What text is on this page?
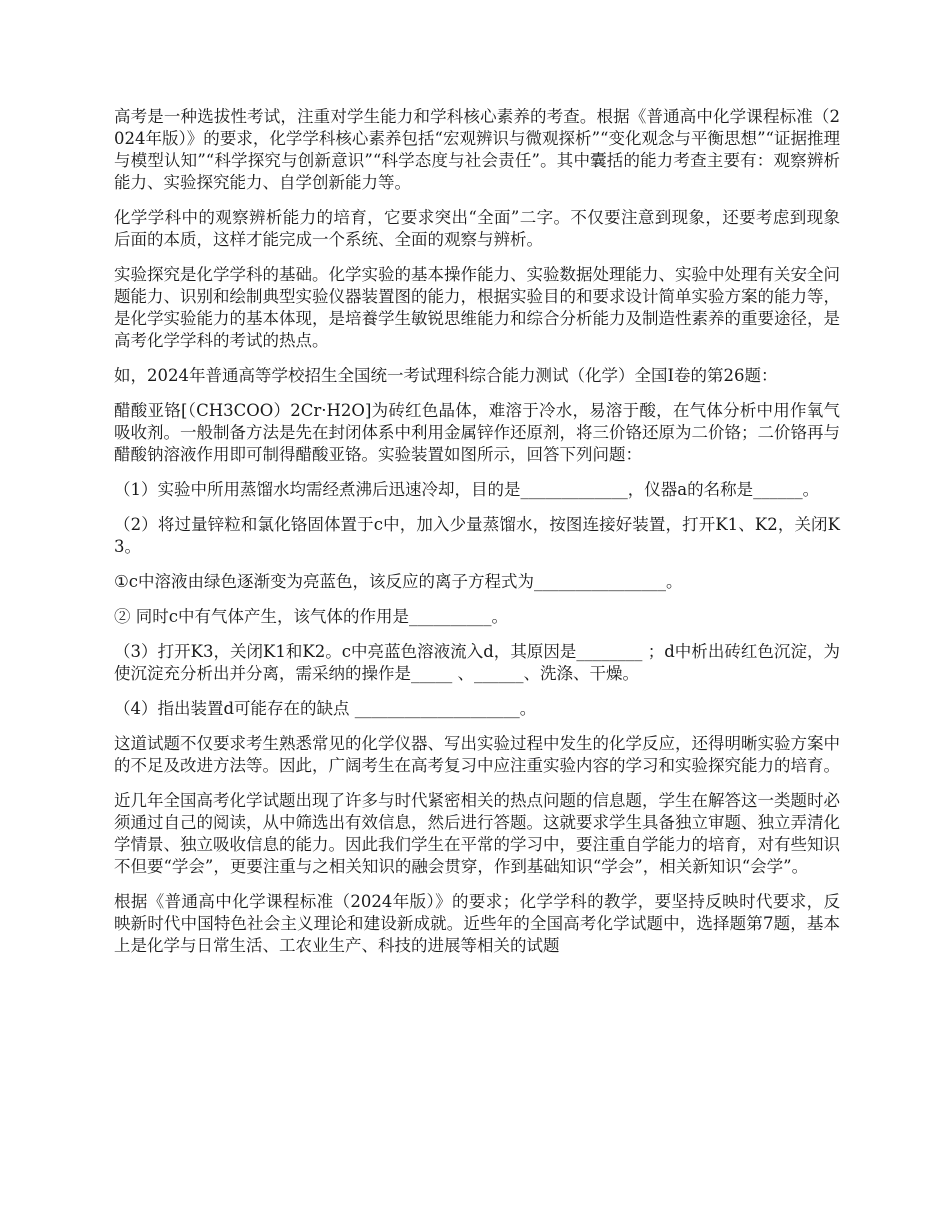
高考是一种选拔性考试，注重对学生能力和学科核心素养的考查。根据《普通高中化学课程标准（2024年版）》的要求，化学学科核心素养包括“宏观辨识与微观探析”“变化观念与平衡思想”“证据推理与模型认知”“科学探究与创新意识”“科学态度与社会责任”。其中囊括的能力考查主要有：观察辨析能力、实验探究能力、自学创新能力等。

化学学科中的观察辨析能力的培育，它要求突出“全面”二字。不仅要注意到现象，还要考虑到现象后面的本质，这样才能完成一个系统、全面的观察与辨析。

实验探究是化学学科的基础。化学实验的基本操作能力、实验数据处理能力、实验中处理有关安全问题能力、识别和绘制典型实验仪器装置图的能力，根据实验目的和要求设计简单实验方案的能力等，是化学实验能力的基本体现，是培養学生敏锐思维能力和综合分析能力及制造性素养的重要途径，是高考化学学科的考试的热点。

如，2024年普通高等学校招生全国统一考试理科综合能力测试（化学）全国Ⅰ卷的第26题：

醋酸亚铬[（CH3COO）2Cr·H2O]为砖红色晶体，难溶于冷水，易溶于酸，在气体分析中用作氧气吸收剂。一般制备方法是先在封闭体系中利用金属锌作还原剂，将三价铬还原为二价铬；二价铬再与醋酸钠溶液作用即可制得醋酸亚铬。实验装置如图所示，回答下列问题：

（1）实验中所用蒸馏水均需经煮沸后迅速冷却，目的是_____________，仪器a的名称是______。

（2）将过量锌粒和氯化铬固体置于c中，加入少量蒸馏水，按图连接好装置，打开K1、K2，关闭K3。

①c中溶液由绿色逐渐变为亮蓝色，该反应的离子方程式为________________。

② 同时c中有气体产生，该气体的作用是__________。

（3）打开K3，关闭K1和K2。c中亮蓝色溶液流入d，其原因是________ ；d中析出砖红色沉淀，为使沉淀充分析出并分离，需采纳的操作是_____ 、______、洗涤、干燥。

（4）指出装置d可能存在的缺点 ____________________。

这道试题不仅要求考生熟悉常见的化学仪器、写出实验过程中发生的化学反应，还得明晰实验方案中的不足及改进方法等。因此，广阔考生在高考复习中应注重实验内容的学习和实验探究能力的培育。

近几年全国高考化学试题出现了许多与时代紧密相关的热点问题的信息题，学生在解答这一类题时必须通过自己的阅读，从中筛选出有效信息，然后进行答题。这就要求学生具备独立审题、独立弄清化学情景、独立吸收信息的能力。因此我们学生在平常的学习中，要注重自学能力的培育，对有些知识不但要“学会”，更要注重与之相关知识的融会贯穿，作到基础知识“学会”，相关新知识“会学”。

根据《普通高中化学课程标准（2024年版）》的要求；化学学科的教学，要坚持反映时代要求，反映新时代中国特色社会主义理论和建设新成就。近些年的全国高考化学试题中，选择题第7题，基本上是化学与日常生活、工农业生产、科技的进展等相关的试题
